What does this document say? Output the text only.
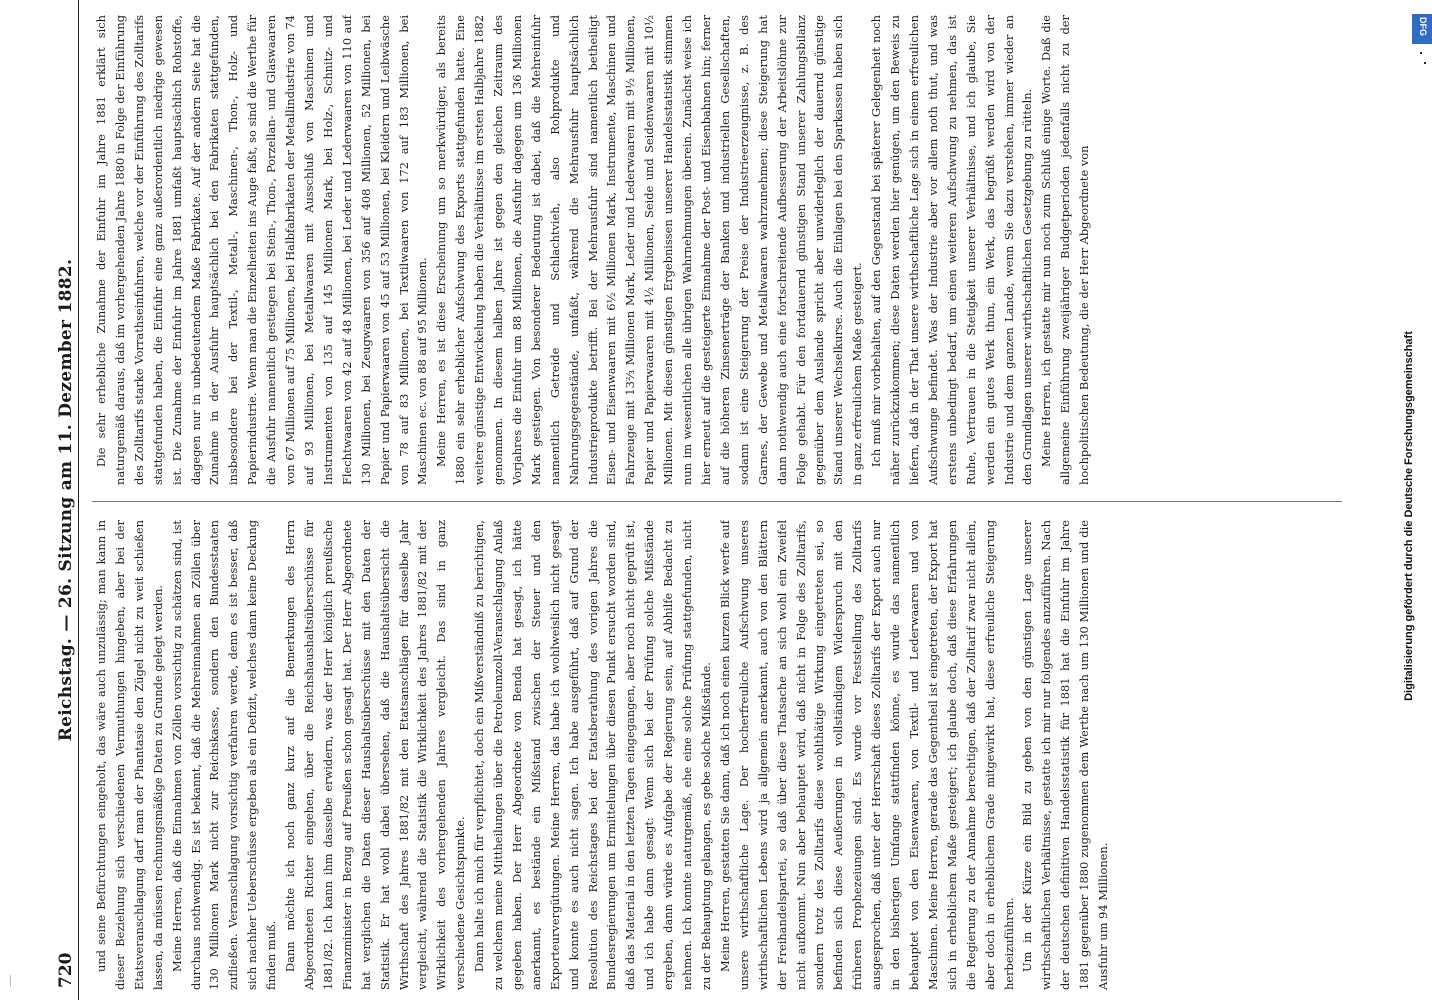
720
Reichstag. — 26. Sitzung am 11. Dezember 1882.

und seine Befürchtungen eingeholt, das wäre auch unzulässig; man kann in dieser Beziehung sich verschiedenen Vermuthungen hingeben, aber bei der Etatsveranschlagung darf man der Phantasie den Zügel nicht zu weit schießen lassen, da müssen rechnungsmäßige Daten zu Grunde gelegt werden. Meine Herren, daß die Einnahmen von Zöllen vorsichtig zu schätzen sind, ist durchaus nothwendig. Es ist bekannt, daß die Mehreinnahmen an Zöllen über 130 Millionen Mark nicht zur Reichskasse, sondern den Bundesstaaten zufließen. Veranschlagung vorsichtig verfahren werde, denn es ist besser, daß sich nachher Ueberschüsse ergeben als ein Defizit, welches dann keine Deckung finden muß. Dann möchte ich noch ganz kurz auf die Bemerkungen des Herrn Abgeordneten Richter eingehen, über die Reichshaushaltsüberschüsse für 1881/82. Ich kann ihm dasselbe erwidern, was der Herr königlich preußische Finanzminister in Bezug auf Preußen schon gesagt hat. Der Herr Abgeordnete hat verglichen die Daten dieser Haushaltsüberschüsse mit den Daten der Statistik. Er hat wohl dabei übersehen, daß die Haushaltsübersicht die Wirthschaft des Jahres 1881/82 mit den Etatsanschlägen für dasselbe Jahr vergleicht, während die Statistik die Wirklichkeit des Jahres 1881/82 mit der Wirklichkeit des vorhergehenden Jahres vergleicht. Das sind in ganz verschiedene Gesichtspunkte. Dann halte ich mich für verpflichtet, doch ein Mißverständniß zu berichtigen, zu welchem meine Mittheilungen über die Petroleumzoll-Veranschlagung Anlaß gegeben haben. Der Herr Abgeordnete von Benda hat gesagt, ich hätte anerkannt, es bestände ein Mißstand zwischen der Steuer und den Exporteurvergütungen. Meine Herren, das habe ich wohlweislich nicht gesagt und konnte es auch nicht sagen. Ich habe ausgeführt, daß auf Grund der Resolution des Reichstages bei der Etatsberathung des vorigen Jahres die Bundesregierungen um Ermittelungen über diesen Punkt ersucht worden sind, daß das Material in den letzten Tagen eingegangen, aber noch nicht geprüft ist, und ich habe dann gesagt: Wenn sich bei der Prüfung solche Mißstände ergeben, dann würde es Aufgabe der Regierung sein, auf Abhilfe Bedacht zu nehmen. Ich konnte naturgemäß, ehe eine solche Prüfung stattgefunden, nicht zu der Behauptung gelangen, es gebe solche Mißstände. Meine Herren, gestatten Sie dann, daß ich noch einen kurzen Blick werfe auf unsere wirthschaftliche Lage. Der hocherfreuliche Aufschwung unseres wirthschaftlichen Lebens wird ja allgemein anerkannt, auch von den Blättern der Freihandelspartei, so daß über diese Thatsache an sich wohl ein Zweifel nicht aufkommt. Nun aber behauptet wird, daß nicht in Folge des Zolltarifs, sondern trotz des Zolltarifs diese wohlthätige Wirkung eingetreten sei, so befinden sich diese Aeußerungen in vollständigem Widerspruch mit den früheren Prophezeiungen sind. Es wurde vor Feststellung des Zolltarifs ausgesprochen, daß unter der Herrschaft dieses Zolltarifs der Export auch nur in den bisherigen Umfange stattfinden könne, es wurde das namentlich behauptet von den Eisenwaaren, von Textil- und Lederwaaren und von Maschinen. Meine Herren, gerade das Gegentheil ist eingetreten, der Export hat sich in erheblichem Maße gesteigert; ich glaube doch, daß diese Erfahrungen die Regierung zu der Annahme berechtigen, daß der Zolltarif zwar nicht allein, aber doch in erheblichem Grade mitgewirkt hat, diese erfreuliche Steigerung herbeizuführen. Um in der Kürze ein Bild zu geben von den günstigen Lage unserer wirthschaftlichen Verhältnisse, gestatte ich mir nur folgendes anzuführen. Nach der deutschen definitiven Handelsstatistik für 1881 hat die Einfuhr im Jahre 1881 gegenüber 1880 zugenommen dem Werthe nach um 130 Millionen und die Ausfuhr um 94 Millionen.

Die sehr erhebliche Zunahme der Einfuhr im Jahre 1881 erklärt sich naturgemäß daraus, daß im vorhergehenden Jahre 1880 in Folge der Einführung des Zolltarifs starke Vorrathseinfuhren, welche vor der Einführung des Zolltarifs stattgefunden haben, die Einfuhr eine ganz außerordentlich niedrige gewesen ist. Die Zunahme der Einfuhr im Jahre 1881 umfaßt hauptsächlich Rohstoffe, dagegen nur in unbedeutendem Maße Fabrikate. Auf der andern Seite hat die Zunahme in der Ausfuhr hauptsächlich bei den Fabrikaten stattgefunden, insbesondere bei der Textil-, Metall-, Maschinen-, Thon-, Holz- und Papierindustrie. Wenn man die Einzelheiten ins Auge faßt, so sind die Werthe für die Ausfuhr namentlich gestiegen bei Stein-, Thon-, Porzellan- und Glaswaaren von 67 Millionen auf 75 Millionen, bei Halbfabrikaten der Metallindustrie von 74 auf 93 Millionen, bei Metallwaaren mit Ausschluß von Maschinen und Instrumenten von 135 auf 145 Millionen Mark, bei Holz-, Schnitz- und Flechtwaaren von 42 auf 48 Millionen, bei Leder und Lederwaaren von 110 auf 130 Millionen, bei Zeugwaaren von 356 auf 408 Millionen, 52 Millionen, bei Papier und Papierwaaren von 45 auf 53 Millionen, bei Kleidern und Leibwäsche von 78 auf 83 Millionen, bei Textilwaaren von 172 auf 183 Millionen, bei Maschinen ec. von 88 auf 95 Millionen. Meine Herren, es ist diese Erscheinung um so merkwürdiger, als bereits 1880 ein sehr erheblicher Aufschwung des Exports stattgefunden hatte. Eine weitere günstige Entwickelung haben die Verhältnisse im ersten Halbjahre 1882 genommen. In diesem halben Jahre ist gegen den gleichen Zeitraum des Vorjahres die Einfuhr um 88 Millionen, die Ausfuhr dagegen um 136 Millionen Mark gestiegen. Von besonderer Bedeutung ist dabei, daß die Mehreinfuhr namentlich Getreide und Schlachtvieh, also Rohprodukte und Nahrungsgegenstände, umfaßt, während die Mehrausfuhr hauptsächlich Industrieprodukte betrifft. Bei der Mehrausfuhr sind namentlich betheiligt Eisen- und Eisenwaaren mit 6½ Millionen Mark, Instrumente, Maschinen und Fahrzeuge mit 13⅔ Millionen Mark, Leder und Lederwaaren mit 9½ Millionen, Papier und Papierwaaren mit 4½ Millionen, Seide und Seidenwaaren mit 10½ Millionen. Mit diesen günstigen Ergebnissen unserer Handelsstatistik stimmen nun im wesentlichen alle übrigen Wahrnehmungen überein. Zunächst weise ich hier erneut auf die gesteigerte Einnahme der Post- und Eisenbahnen hin; ferner auf die höheren Zinsenerträge der Banken und industriellen Gesellschaften, sodann ist eine Steigerung der Preise der Industrieerzeugnisse, z. B. des Garnes, der Gewebe und Metallwaaren wahrzunehmen; diese Steigerung hat dann nothwendig auch eine fortschreitende Aufbesserung der Arbeitslöhne zur Folge gehabt. Für den fortdauernd günstigen Stand unserer Zahlungsbilanz gegenüber dem Auslande spricht aber unwiderleglich der dauernd günstige Stand unserer Wechselkurse. Auch die Einlagen bei den Sparkassen haben sich in ganz erfreulichem Maße gesteigert. Ich muß mir vorbehalten, auf den Gegenstand bei späterer Gelegenheit noch näher zurückzukommen; diese Daten werden hier genügen, um den Beweis zu liefern, daß in der That unsere wirthschaftliche Lage sich in einem erfreulichen Aufschwunge befindet. Was der Industrie aber vor allem noth thut, und was erstens unbedingt bedarf, um einen weiteren Aufschwung zu nehmen, das ist Ruhe, Vertrauen in die Stetigkeit unserer Verhältnisse, und ich glaube, Sie werden ein gutes Werk thun, ein Werk, das begrüßt werden wird von der Industrie und dem ganzen Lande, wenn Sie dazu verstehen, immer wieder an den Grundlagen unserer wirthschaftlichen Gesetzgebung zu rütteln. Meine Herren, ich gestatte mir nun noch zum Schluß einige Worte. Daß die allgemeine Einführung zweijähriger Budgetperioden jedenfalls nicht zu der hochpolitischen Bedeutung, die der Herr Abgeordnete von

Digitalisierung gefördert durch die Deutsche Forschungsgemeinschaft
DFG
